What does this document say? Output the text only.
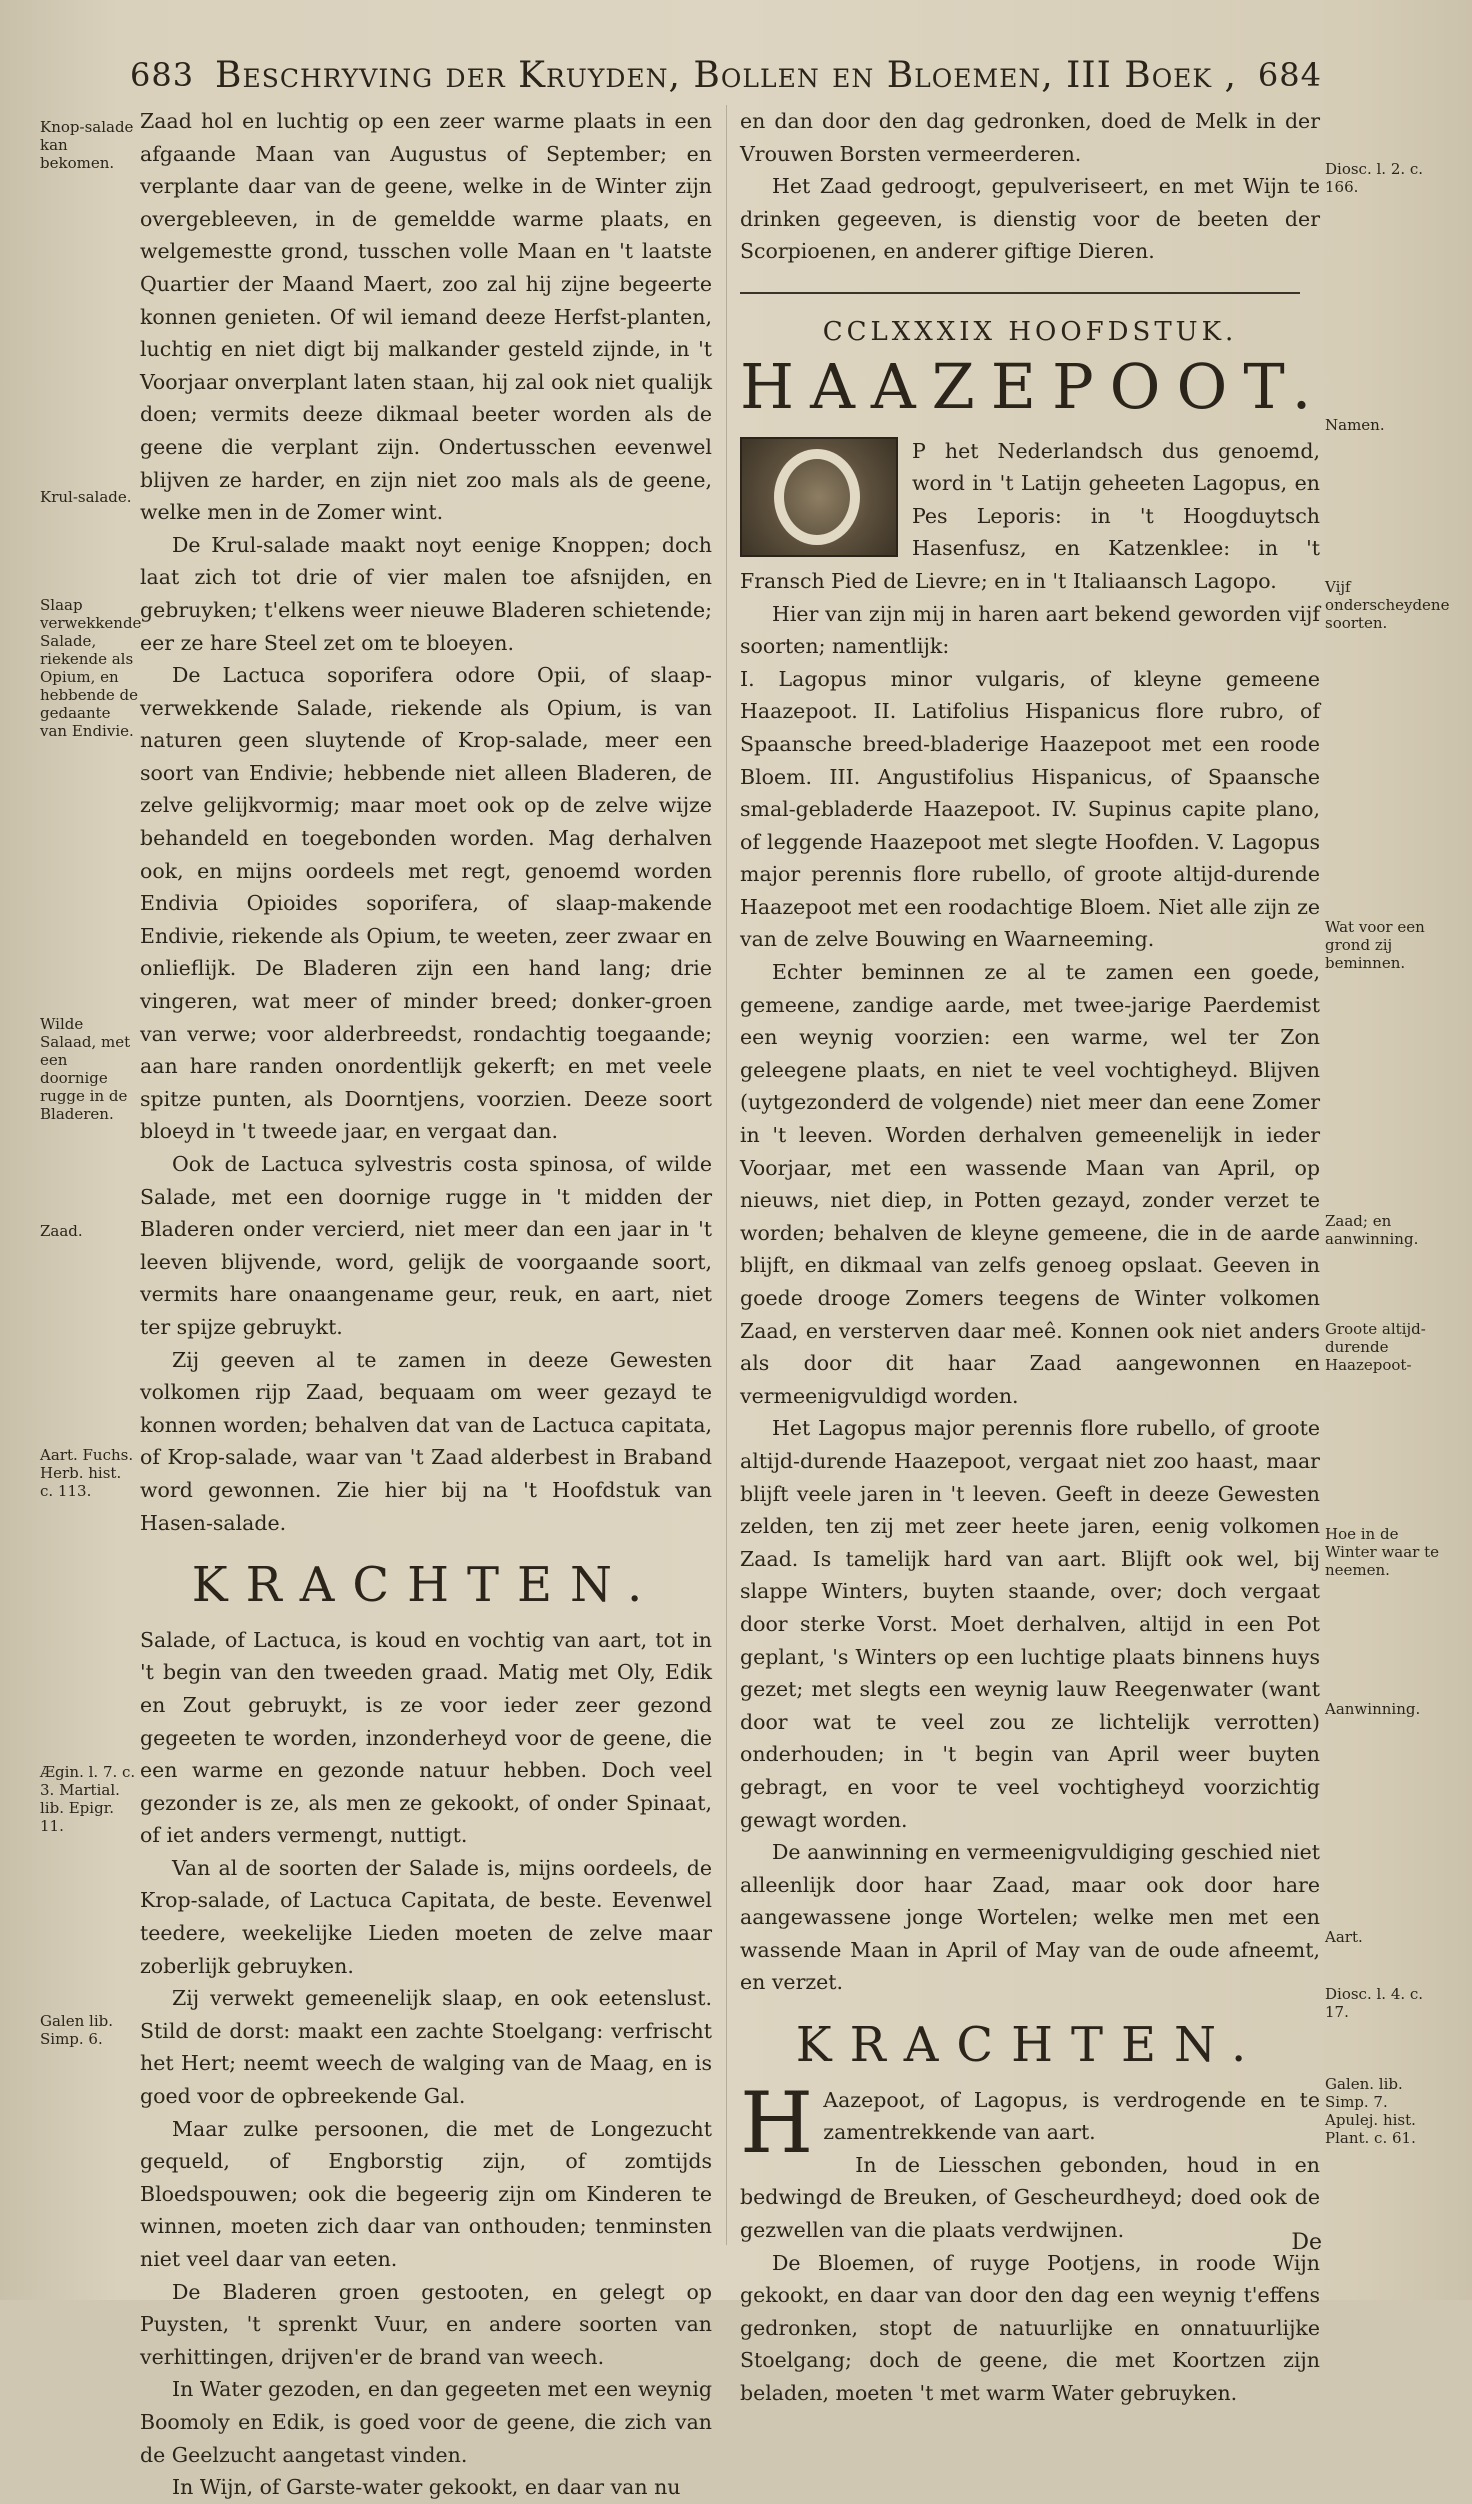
683 Beschryving der Kruyden, Bollen en Bloemen, III Boek , 684

Zaad hol en luchtig op een zeer warme plaats in een afgaande Maan van Augustus of September; en verplante daar van de geene, welke in de Winter zijn overgebleeven, in de gemeldde warme plaats, en welgemestte grond, tusschen volle Maan en 't laatste Quartier der Maand Maert, zoo zal hij zijne begeerte konnen genieten. Of wil iemand deeze Herfst-planten, luchtig en niet digt bij malkander gesteld zijnde, in 't Voorjaar onverplant laten staan, hij zal ook niet qualijk doen; vermits deeze dikmaal beeter worden als de geene die verplant zijn. Ondertusschen eevenwel blijven ze harder, en zijn niet zoo mals als de geene, welke men in de Zomer wint.

De Krul-salade maakt noyt eenige Knoppen; doch laat zich tot drie of vier malen toe afsnijden, en gebruyken; t'elkens weer nieuwe Bladeren schietende; eer ze hare Steel zet om te bloeyen.

De Lactuca soporifera odore Opii, of slaap-verwekkende Salade, riekende als Opium, is van naturen geen sluytende of Krop-salade, meer een soort van Endivie; hebbende niet alleen Bladeren, de zelve gelijkvormig; maar moet ook op de zelve wijze behandeld en toegebonden worden. Mag derhalven ook, en mijns oordeels met regt, genoemd worden Endivia Opioides soporifera, of slaap-makende Endivie, riekende als Opium, te weeten, zeer zwaar en onlieflijk. De Bladeren zijn een hand lang; drie vingeren, wat meer of minder breed; donker-groen van verwe; voor alderbreedst, rondachtig toegaande; aan hare randen onordentlijk gekerft; en met veele spitze punten, als Doorntjens, voorzien. Deeze soort bloeyd in 't tweede jaar, en vergaat dan.

Ook de Lactuca sylvestris costa spinosa, of wilde Salade, met een doornige rugge in 't midden der Bladeren onder vercierd, niet meer dan een jaar in 't leeven blijvende, word, gelijk de voorgaande soort, vermits hare onaangename geur, reuk, en aart, niet ter spijze gebruykt.

Zij geeven al te zamen in deeze Gewesten volkomen rijp Zaad, bequaam om weer gezayd te konnen worden; behalven dat van de Lactuca capitata, of Krop-salade, waar van 't Zaad alderbest in Braband word gewonnen. Zie hier bij na 't Hoofdstuk van Hasen-salade.

KRACHTEN.

Salade, of Lactuca, is koud en vochtig van aart, tot in 't begin van den tweeden graad. Matig met Oly, Edik en Zout gebruykt, is ze voor ieder zeer gezond gegeeten te worden, inzonderheyd voor de geene, die een warme en gezonde natuur hebben. Doch veel gezonder is ze, als men ze gekookt, of onder Spinaat, of iet anders vermengt, nuttigt.

Van al de soorten der Salade is, mijns oordeels, de Krop-salade, of Lactuca Capitata, de beste. Eevenwel teedere, weekelijke Lieden moeten de zelve maar zoberlijk gebruyken.

Zij verwekt gemeenelijk slaap, en ook eetenslust. Stild de dorst: maakt een zachte Stoelgang: verfrischt het Hert; neemt weech de walging van de Maag, en is goed voor de opbreekende Gal.

Maar zulke persoonen, die met de Longezucht gequeld, of Engborstig zijn, of zomtijds Bloedspouwen; ook die begeerig zijn om Kinderen te winnen, moeten zich daar van onthouden; tenminsten niet veel daar van eeten.

De Bladeren groen gestooten, en gelegt op Puysten, 't sprenkt Vuur, en andere soorten van verhittingen, drijven'er de brand van weech.

In Water gezoden, en dan gegeeten met een weynig Boomoly en Edik, is goed voor de geene, die zich van de Geelzucht aangetast vinden.

In Wijn, of Garste-water gekookt, en daar van nu

en dan door den dag gedronken, doed de Melk in der Vrouwen Borsten vermeerderen.

Het Zaad gedroogt, gepulveriseert, en met Wijn te drinken gegeeven, is dienstig voor de beeten der Scorpioenen, en anderer giftige Dieren.

CCLXXXIX HOOFDSTUK.
HAAZEPOOT.

P het Nederlandsch dus genoemd, word in 't Latijn geheeten Lagopus, en Pes Leporis: in 't Hoogduytsch Hasenfusz, en Katzenklee: in 't Fransch Pied de Lievre; en in 't Italiaansch Lagopo.

Hier van zijn mij in haren aart bekend geworden vijf soorten; namentlijk:

I. Lagopus minor vulgaris, of kleyne gemeene Haazepoot. II. Latifolius Hispanicus flore rubro, of Spaansche breed-bladerige Haazepoot met een roode Bloem. III. Angustifolius Hispanicus, of Spaansche smal-gebladerde Haazepoot. IV. Supinus capite plano, of leggende Haazepoot met slegte Hoofden. V. Lagopus major perennis flore rubello, of groote altijd-durende Haazepoot met een roodachtige Bloem. Niet alle zijn ze van de zelve Bouwing en Waarneeming.

Echter beminnen ze al te zamen een goede, gemeene, zandige aarde, met twee-jarige Paerdemist een weynig voorzien: een warme, wel ter Zon geleegene plaats, en niet te veel vochtigheyd. Blijven (uytgezonderd de volgende) niet meer dan eene Zomer in 't leeven. Worden derhalven gemeenelijk in ieder Voorjaar, met een wassende Maan van April, op nieuws, niet diep, in Potten gezayd, zonder verzet te worden; behalven de kleyne gemeene, die in de aarde blijft, en dikmaal van zelfs genoeg opslaat. Geeven in goede drooge Zomers teegens de Winter volkomen Zaad, en versterven daar meê. Konnen ook niet anders als door dit haar Zaad aangewonnen en vermeenigvuldigd worden.

Het Lagopus major perennis flore rubello, of groote altijd-durende Haazepoot, vergaat niet zoo haast, maar blijft veele jaren in 't leeven. Geeft in deeze Gewesten zelden, ten zij met zeer heete jaren, eenig volkomen Zaad. Is tamelijk hard van aart. Blijft ook wel, bij slappe Winters, buyten staande, over; doch vergaat door sterke Vorst. Moet derhalven, altijd in een Pot geplant, 's Winters op een luchtige plaats binnens huys gezet; met slegts een weynig lauw Reegenwater (want door wat te veel zou ze lichtelijk verrotten) onderhouden; in 't begin van April weer buyten gebragt, en voor te veel vochtigheyd voorzichtig gewagt worden.

De aanwinning en vermeenigvuldiging geschied niet alleenlijk door haar Zaad, maar ook door hare aangewassene jonge Wortelen; welke men met een wassende Maan in April of May van de oude afneemt, en verzet.

KRACHTEN.

H Aazepoot, of Lagopus, is verdrogende en te zamentrekkende van aart.

In de Liesschen gebonden, houd in en bedwingd de Breuken, of Gescheurdheyd; doed ook de gezwellen van die plaats verdwijnen.

De Bloemen, of ruyge Pootjens, in roode Wijn gekookt, en daar van door den dag een weynig t'effens gedronken, stopt de natuurlijke en onnatuurlijke Stoelgang; doch de geene, die met Koortzen zijn beladen, moeten 't met warm Water gebruyken.

Knop-salade kan bekomen.
Krul-salade.
Slaap verwekkende Salade, riekende als Opium, en hebbende de gedaante van Endivie.
Wilde Salaad, met een doornige rugge in de Bladeren.
Zaad.
Aart. Fuchs. Herb. hist. c. 113.
Ægin. l. 7. c. 3. Martial. lib. Epigr. 11.
Galen lib. Simp. 6.
Diosc. l. 2. c. 166.
Namen.
Vijf onderscheydene soorten.
Wat voor een grond zij beminnen.
Zaad; en aanwinning.
Groote altijd-durende Haazepoot-
Hoe in de Winter waar te neemen.
Aanwinning.
Aart.
Diosc. l. 4. c. 17.
Galen. lib. Simp. 7. Apulej. hist. Plant. c. 61.
De
